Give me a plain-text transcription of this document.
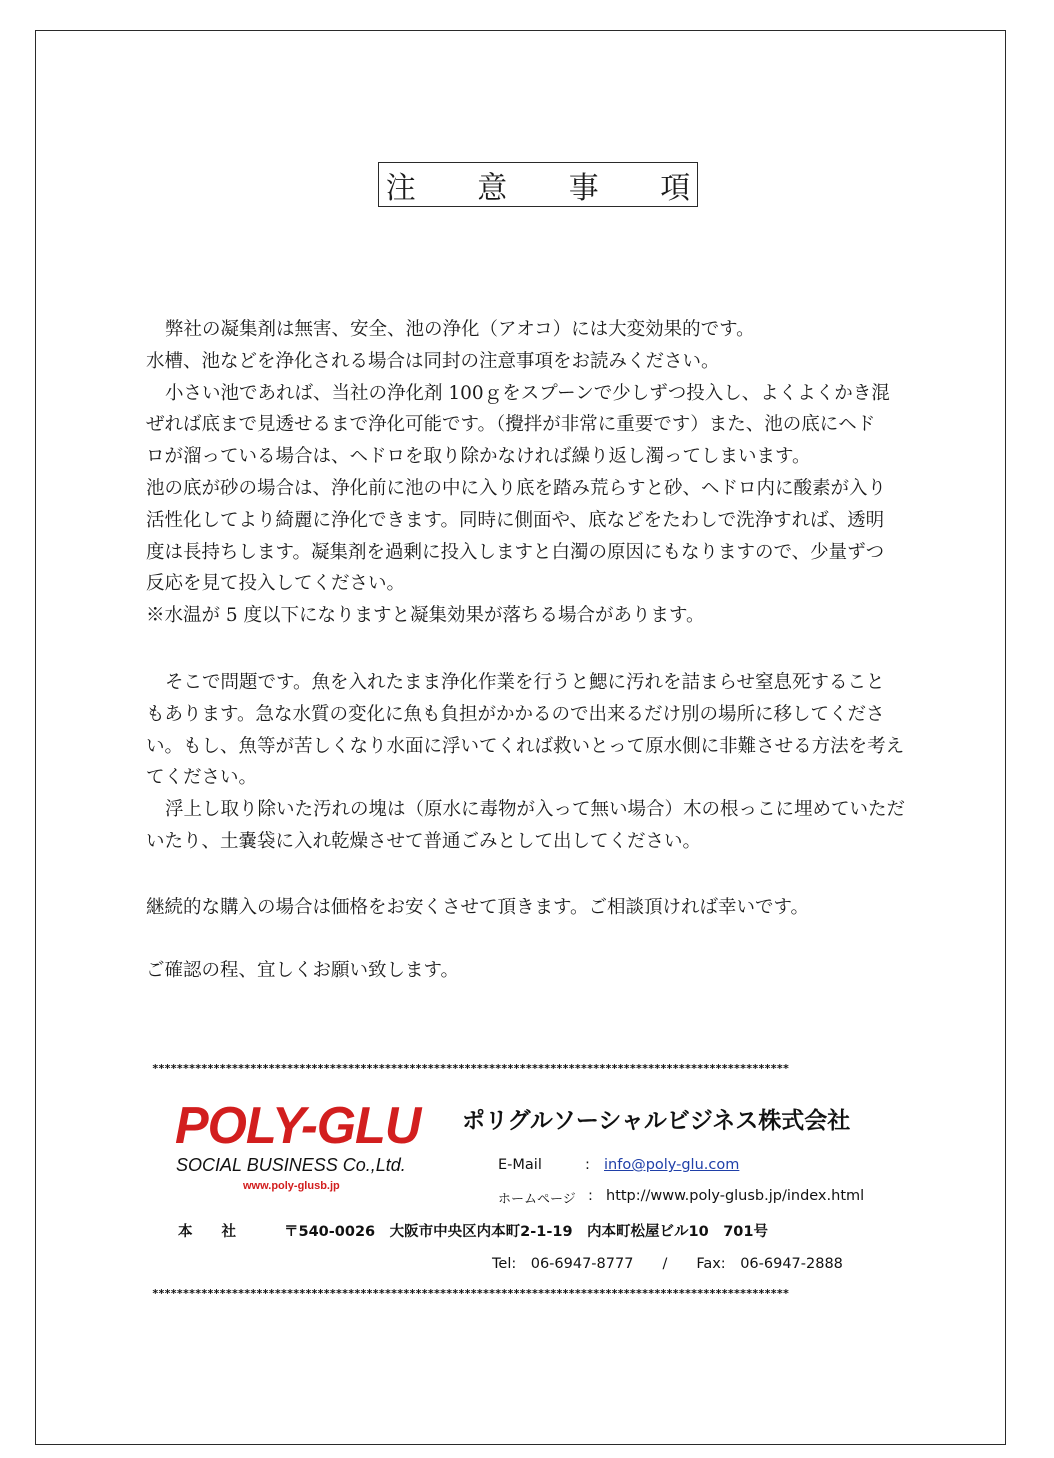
注 意 事 項

弊社の凝集剤は無害、安全、池の浄化（アオコ）には大変効果的です。

水槽、池などを浄化される場合は同封の注意事項をお読みください。

小さい池であれば、当社の浄化剤 100ｇをスプーンで少しずつ投入し、よくよくかき混

ぜれば底まで見透せるまで浄化可能です。（攪拌が非常に重要です）また、池の底にヘド

ロが溜っている場合は、ヘドロを取り除かなければ繰り返し濁ってしまいます。

池の底が砂の場合は、浄化前に池の中に入り底を踏み荒らすと砂、ヘドロ内に酸素が入り

活性化してより綺麗に浄化できます。同時に側面や、底などをたわしで洗浄すれば、透明

度は長持ちします。凝集剤を過剰に投入しますと白濁の原因にもなりますので、少量ずつ

反応を見て投入してください。

※水温が 5 度以下になりますと凝集効果が落ちる場合があります。

そこで問題です。魚を入れたまま浄化作業を行うと鰓に汚れを詰まらせ窒息死すること

もあります。急な水質の変化に魚も負担がかかるので出来るだけ別の場所に移してくださ

い。もし、魚等が苦しくなり水面に浮いてくれば救いとって原水側に非難させる方法を考え

てください。

浮上し取り除いた汚れの塊は（原水に毒物が入って無い場合）木の根っこに埋めていただ

いたり、土嚢袋に入れ乾燥させて普通ごみとして出してください。

継続的な購入の場合は価格をお安くさせて頂きます。ご相談頂ければ幸いです。
ご確認の程、宜しくお願い致します。
********************************************************************************************************
POLY-GLU
SOCIAL BUSINESS Co.,Ltd.
www.poly-glusb.jp
ポリグルソーシャルビジネス株式会社
E-Mail	: info@poly-glu.com
ホームページ : http://www.poly-glusb.jp/index.html
本　　社	〒540-0026　大阪市中央区内本町2-1-19　内本町松屋ビル10　701号
Tel:　06-6947-8777　　/　　Fax:　06-6947-2888
********************************************************************************************************
